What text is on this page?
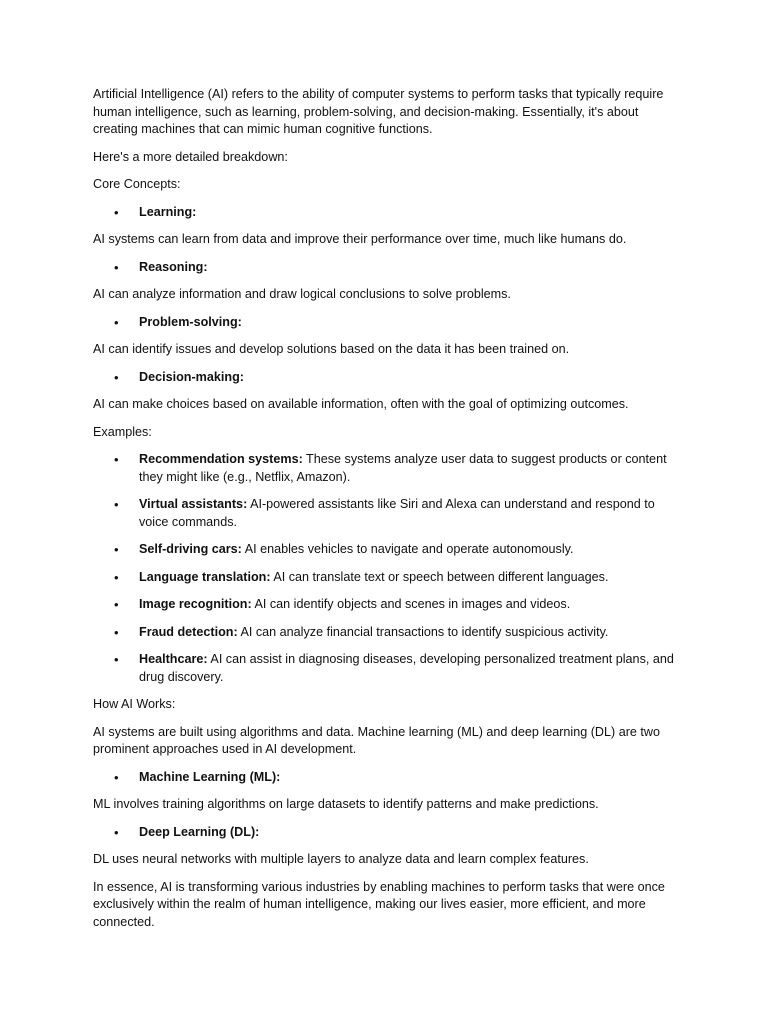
Artificial Intelligence (AI) refers to the ability of computer systems to perform tasks that typically require human intelligence, such as learning, problem-solving, and decision-making. Essentially, it's about creating machines that can mimic human cognitive functions.

Here's a more detailed breakdown:

Core Concepts:

• Learning:

AI systems can learn from data and improve their performance over time, much like humans do.

• Reasoning:

AI can analyze information and draw logical conclusions to solve problems.

• Problem-solving:

AI can identify issues and develop solutions based on the data it has been trained on.

• Decision-making:

AI can make choices based on available information, often with the goal of optimizing outcomes.

Examples:

• Recommendation systems: These systems analyze user data to suggest products or content they might like (e.g., Netflix, Amazon).
• Virtual assistants: AI-powered assistants like Siri and Alexa can understand and respond to voice commands.
• Self-driving cars: AI enables vehicles to navigate and operate autonomously.
• Language translation: AI can translate text or speech between different languages.
• Image recognition: AI can identify objects and scenes in images and videos.
• Fraud detection: AI can analyze financial transactions to identify suspicious activity.
• Healthcare: AI can assist in diagnosing diseases, developing personalized treatment plans, and drug discovery.

How AI Works:

AI systems are built using algorithms and data. Machine learning (ML) and deep learning (DL) are two prominent approaches used in AI development.

• Machine Learning (ML):

ML involves training algorithms on large datasets to identify patterns and make predictions.

• Deep Learning (DL):

DL uses neural networks with multiple layers to analyze data and learn complex features.

In essence, AI is transforming various industries by enabling machines to perform tasks that were once exclusively within the realm of human intelligence, making our lives easier, more efficient, and more connected.
